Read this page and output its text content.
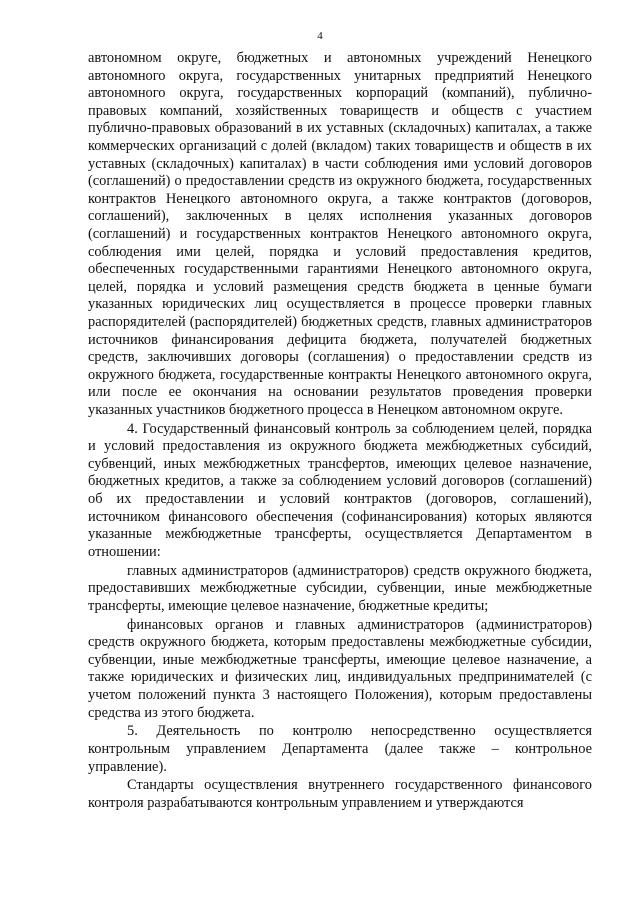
4

автономном округе, бюджетных и автономных учреждений Ненецкого автономного округа, государственных унитарных предприятий Ненецкого автономного округа, государственных корпораций (компаний), публично-правовых компаний, хозяйственных товариществ и обществ с участием публично-правовых образований в их уставных (складочных) капиталах, а также коммерческих организаций с долей (вкладом) таких товариществ и обществ в их уставных (складочных) капиталах) в части соблюдения ими условий договоров (соглашений) о предоставлении средств из окружного бюджета, государственных контрактов Ненецкого автономного округа, а также контрактов (договоров, соглашений), заключенных в целях исполнения указанных договоров (соглашений) и государственных контрактов Ненецкого автономного округа, соблюдения ими целей, порядка и условий предоставления кредитов, обеспеченных государственными гарантиями Ненецкого автономного округа, целей, порядка и условий размещения средств бюджета в ценные бумаги указанных юридических лиц осуществляется в процессе проверки главных распорядителей (распорядителей) бюджетных средств, главных администраторов источников финансирования дефицита бюджета, получателей бюджетных средств, заключивших договоры (соглашения) о предоставлении средств из окружного бюджета, государственные контракты Ненецкого автономного округа, или после ее окончания на основании результатов проведения проверки указанных участников бюджетного процесса в Ненецком автономном округе.

4. Государственный финансовый контроль за соблюдением целей, порядка и условий предоставления из окружного бюджета межбюджетных субсидий, субвенций, иных межбюджетных трансфертов, имеющих целевое назначение, бюджетных кредитов, а также за соблюдением условий договоров (соглашений) об их предоставлении и условий контрактов (договоров, соглашений), источником финансового обеспечения (софинансирования) которых являются указанные межбюджетные трансферты, осуществляется Департаментом в отношении:

главных администраторов (администраторов) средств окружного бюджета, предоставивших межбюджетные субсидии, субвенции, иные межбюджетные трансферты, имеющие целевое назначение, бюджетные кредиты;

финансовых органов и главных администраторов (администраторов) средств окружного бюджета, которым предоставлены межбюджетные субсидии, субвенции, иные межбюджетные трансферты, имеющие целевое назначение, а также юридических и физических лиц, индивидуальных предпринимателей (с учетом положений пункта 3 настоящего Положения), которым предоставлены средства из этого бюджета.

5. Деятельность по контролю непосредственно осуществляется контрольным управлением Департамента (далее также – контрольное управление).

Стандарты осуществления внутреннего государственного финансового контроля разрабатываются контрольным управлением и утверждаются
